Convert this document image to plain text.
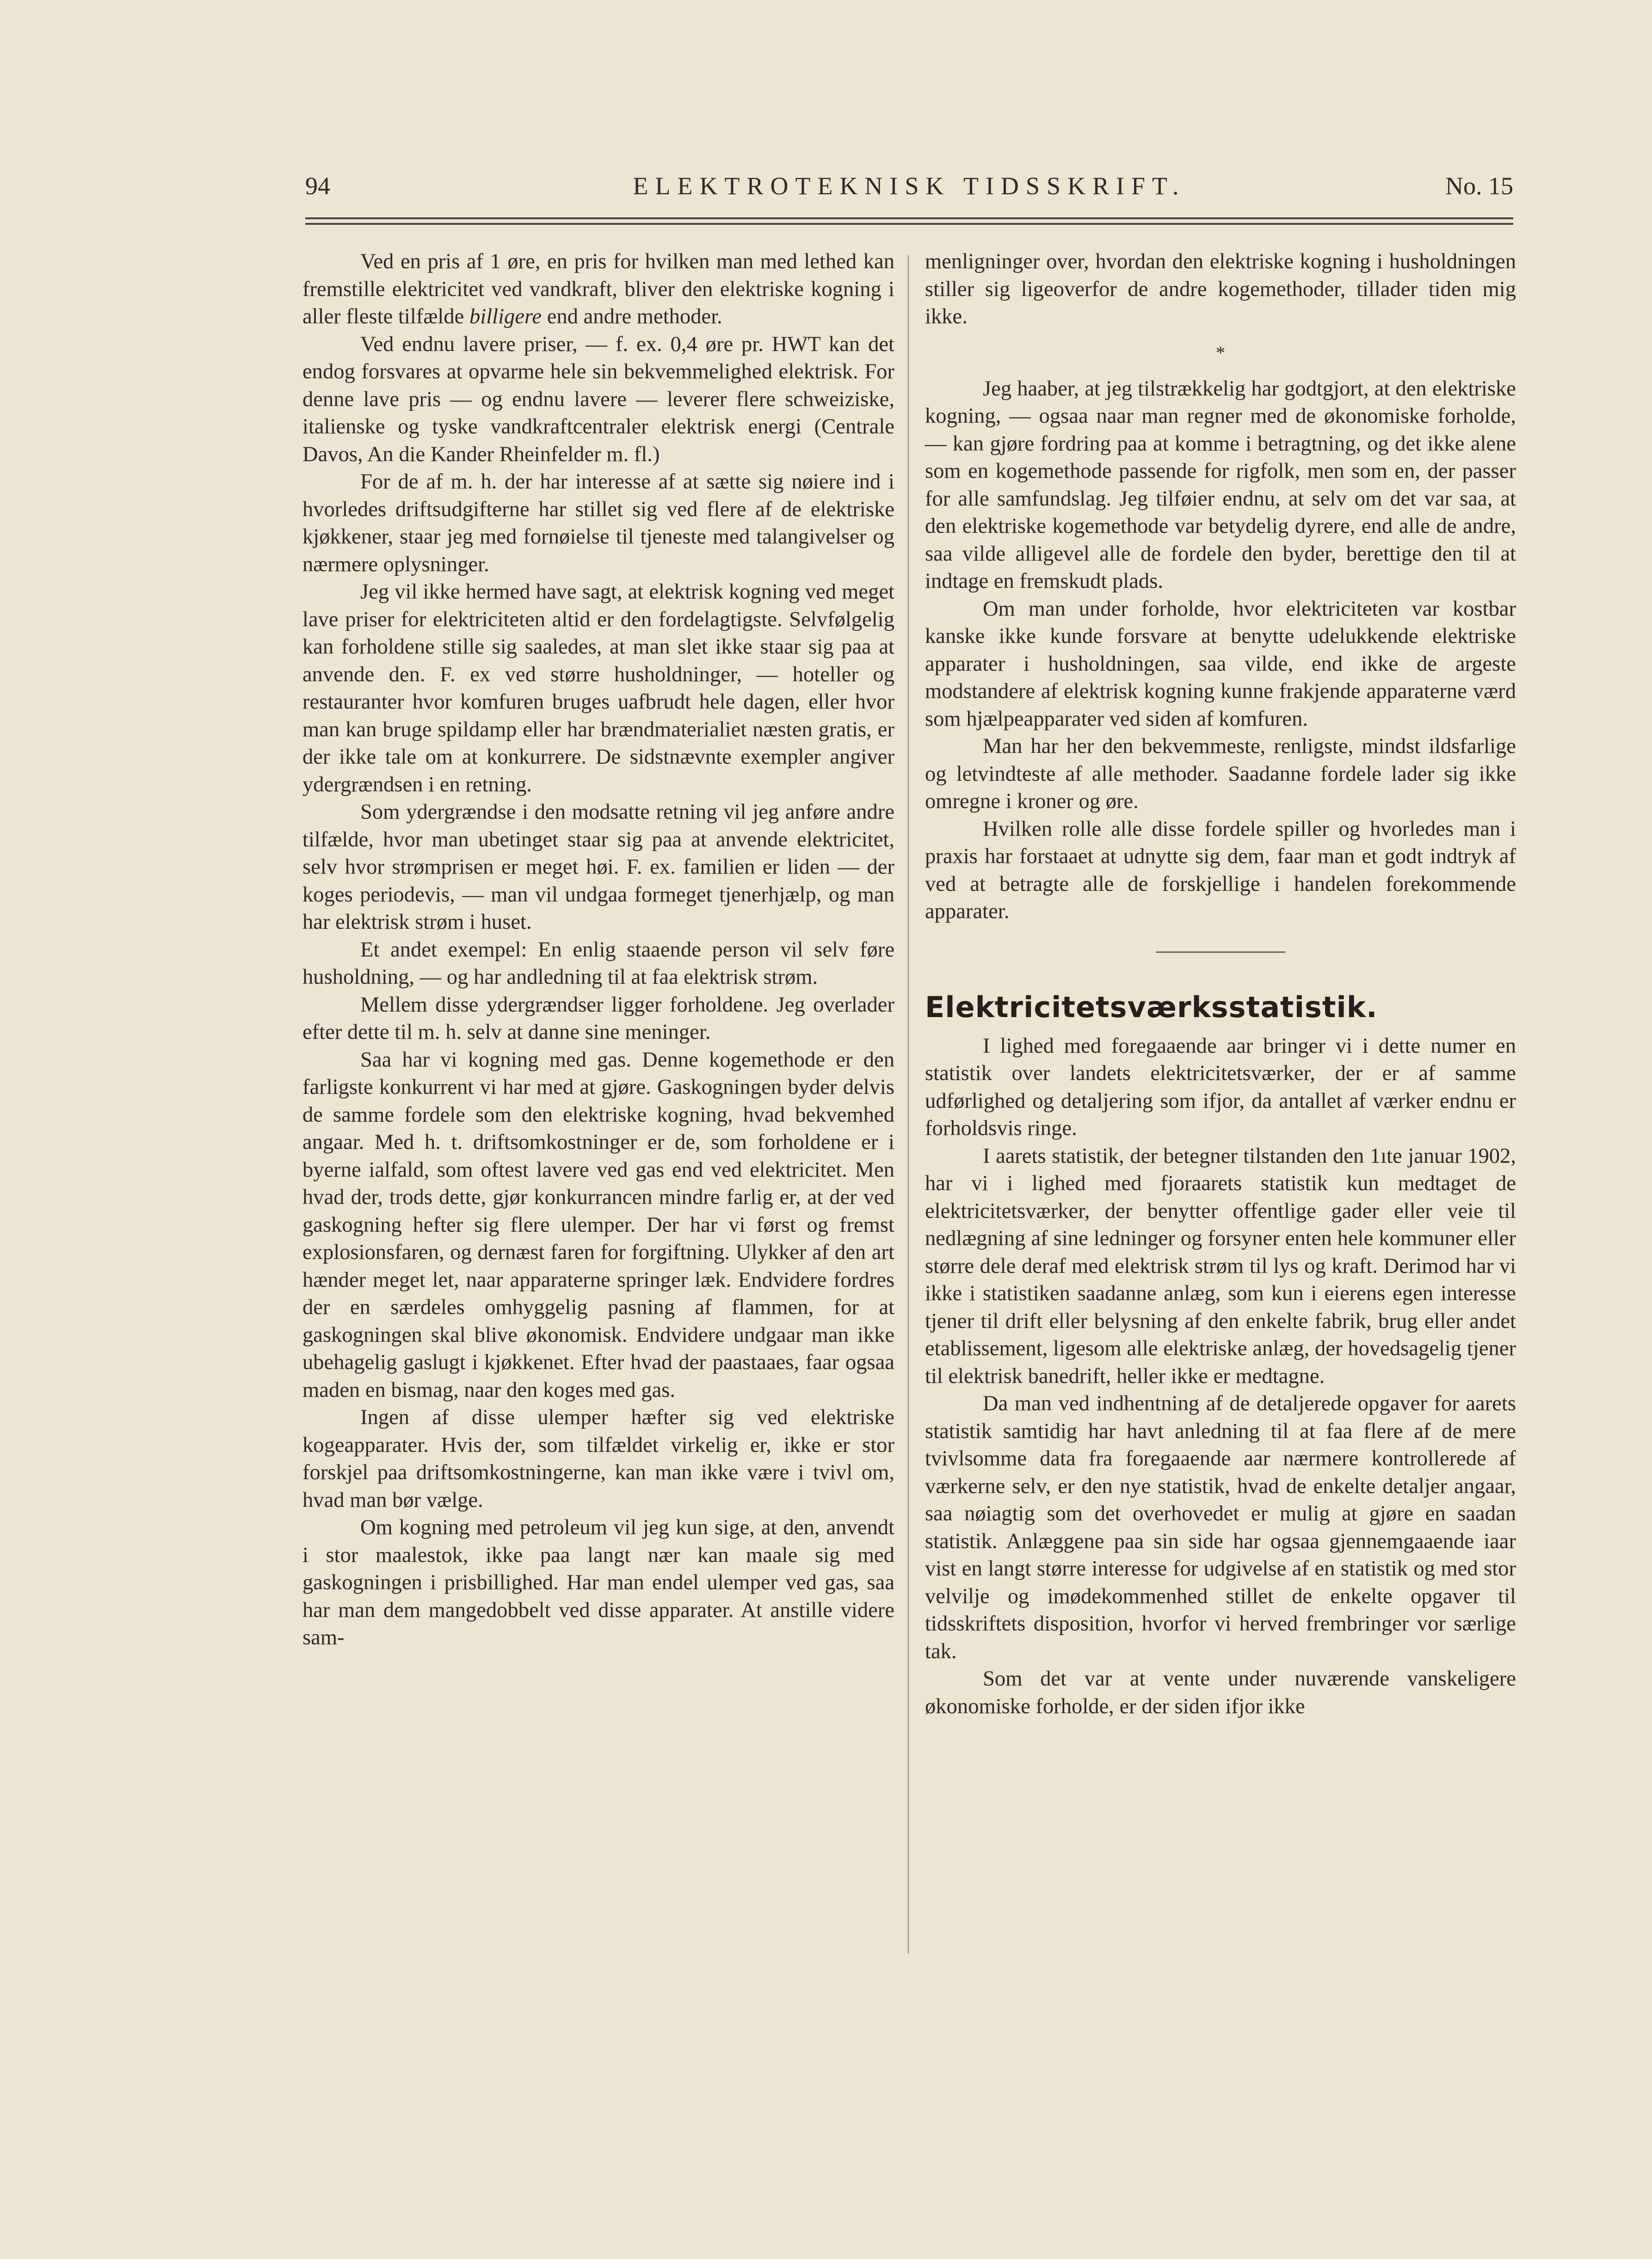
94	ELEKTROTEKNISK TIDSSKRIFT.	No. 15

Ved en pris af 1 øre, en pris for hvilken man med lethed kan fremstille elektricitet ved vandkraft, bliver den elektriske kogning i aller fleste tilfælde billigere end andre methoder.

Ved endnu lavere priser, — f. ex. 0,4 øre pr. HWT kan det endog forsvares at opvarme hele sin bekvemmelighed elektrisk. For denne lave pris — og endnu lavere — leverer flere schweiziske, italienske og tyske vandkraftcentraler elektrisk energi (Centrale Davos, An die Kander Rheinfelder m. fl.)

For de af m. h. der har interesse af at sætte sig nøiere ind i hvorledes driftsudgifterne har stillet sig ved flere af de elektriske kjøkkener, staar jeg med fornøielse til tjeneste med talangivelser og nærmere oplysninger.

Jeg vil ikke hermed have sagt, at elektrisk kogning ved meget lave priser for elektriciteten altid er den fordelagtigste. Selvfølgelig kan forholdene stille sig saaledes, at man slet ikke staar sig paa at anvende den. F. ex ved større husholdninger, — hoteller og restauranter hvor komfuren bruges uafbrudt hele dagen, eller hvor man kan bruge spildamp eller har brændmaterialiet næsten gratis, er der ikke tale om at konkurrere. De sidstnævnte exempler angiver ydergrændsen i en retning.

Som ydergrændse i den modsatte retning vil jeg anføre andre tilfælde, hvor man ubetinget staar sig paa at anvende elektricitet, selv hvor strømprisen er meget høi. F. ex. familien er liden — der koges periodevis, — man vil undgaa formeget tjenerhjælp, og man har elektrisk strøm i huset.

Et andet exempel: En enlig staaende person vil selv føre husholdning, — og har andledning til at faa elektrisk strøm.

Mellem disse ydergrændser ligger forholdene. Jeg overlader efter dette til m. h. selv at danne sine meninger.

Saa har vi kogning med gas. Denne kogemethode er den farligste konkurrent vi har med at gjøre. Gaskogningen byder delvis de samme fordele som den elektriske kogning, hvad bekvemhed angaar. Med h. t. driftsomkostninger er de, som forholdene er i byerne ialfald, som oftest lavere ved gas end ved elektricitet. Men hvad der, trods dette, gjør konkurrancen mindre farlig er, at der ved gaskogning hefter sig flere ulemper. Der har vi først og fremst explosionsfaren, og dernæst faren for forgiftning. Ulykker af den art hænder meget let, naar apparaterne springer læk. Endvidere fordres der en særdeles omhyggelig pasning af flammen, for at gaskogningen skal blive økonomisk. Endvidere undgaar man ikke ubehagelig gaslugt i kjøkkenet. Efter hvad der paastaaes, faar ogsaa maden en bismag, naar den koges med gas.

Ingen af disse ulemper hæfter sig ved elektriske kogeapparater. Hvis der, som tilfældet virkelig er, ikke er stor forskjel paa driftsomkostningerne, kan man ikke være i tvivl om, hvad man bør vælge.

Om kogning med petroleum vil jeg kun sige, at den, anvendt i stor maalestok, ikke paa langt nær kan maale sig med gaskogningen i prisbillighed. Har man endel ulemper ved gas, saa har man dem mangedobbelt ved disse apparater. At anstille videre sam-

menligninger over, hvordan den elektriske kogning i husholdningen stiller sig ligeoverfor de andre kogemethoder, tillader tiden mig ikke.

*

Jeg haaber, at jeg tilstrækkelig har godtgjort, at den elektriske kogning, — ogsaa naar man regner med de økonomiske forholde, — kan gjøre fordring paa at komme i betragtning, og det ikke alene som en kogemethode passende for rigfolk, men som en, der passer for alle samfundslag. Jeg tilføier endnu, at selv om det var saa, at den elektriske kogemethode var betydelig dyrere, end alle de andre, saa vilde alligevel alle de fordele den byder, berettige den til at indtage en fremskudt plads.

Om man under forholde, hvor elektriciteten var kostbar kanske ikke kunde forsvare at benytte udelukkende elektriske apparater i husholdningen, saa vilde, end ikke de argeste modstandere af elektrisk kogning kunne frakjende apparaterne værd som hjælpeapparater ved siden af komfuren.

Man har her den bekvemmeste, renligste, mindst ildsfarlige og letvindteste af alle methoder. Saadanne fordele lader sig ikke omregne i kroner og øre.

Hvilken rolle alle disse fordele spiller og hvorledes man i praxis har forstaaet at udnytte sig dem, faar man et godt indtryk af ved at betragte alle de forskjellige i handelen forekommende apparater.

Elektricitetsværksstatistik.

I lighed med foregaaende aar bringer vi i dette numer en statistik over landets elektricitetsværker, der er af samme udførlighed og detaljering som ifjor, da antallet af værker endnu er forholdsvis ringe.

I aarets statistik, der betegner tilstanden den 1ıte januar 1902, har vi i lighed med fjoraarets statistik kun medtaget de elektricitetsværker, der benytter offentlige gader eller veie til nedlægning af sine ledninger og forsyner enten hele kommuner eller større dele deraf med elektrisk strøm til lys og kraft. Derimod har vi ikke i statistiken saadanne anlæg, som kun i eierens egen interesse tjener til drift eller belysning af den enkelte fabrik, brug eller andet etablissement, ligesom alle elektriske anlæg, der hovedsagelig tjener til elektrisk banedrift, heller ikke er medtagne.

Da man ved indhentning af de detaljerede opgaver for aarets statistik samtidig har havt anledning til at faa flere af de mere tvivlsomme data fra foregaaende aar nærmere kontrollerede af værkerne selv, er den nye statistik, hvad de enkelte detaljer angaar, saa nøiagtig som det overhovedet er mulig at gjøre en saadan statistik. Anlæggene paa sin side har ogsaa gjennemgaaende iaar vist en langt større interesse for udgivelse af en statistik og med stor velvilje og imødekommenhed stillet de enkelte opgaver til tidsskriftets disposition, hvorfor vi herved frembringer vor særlige tak.

Som det var at vente under nuværende vanskeligere økonomiske forholde, er der siden ifjor ikke
